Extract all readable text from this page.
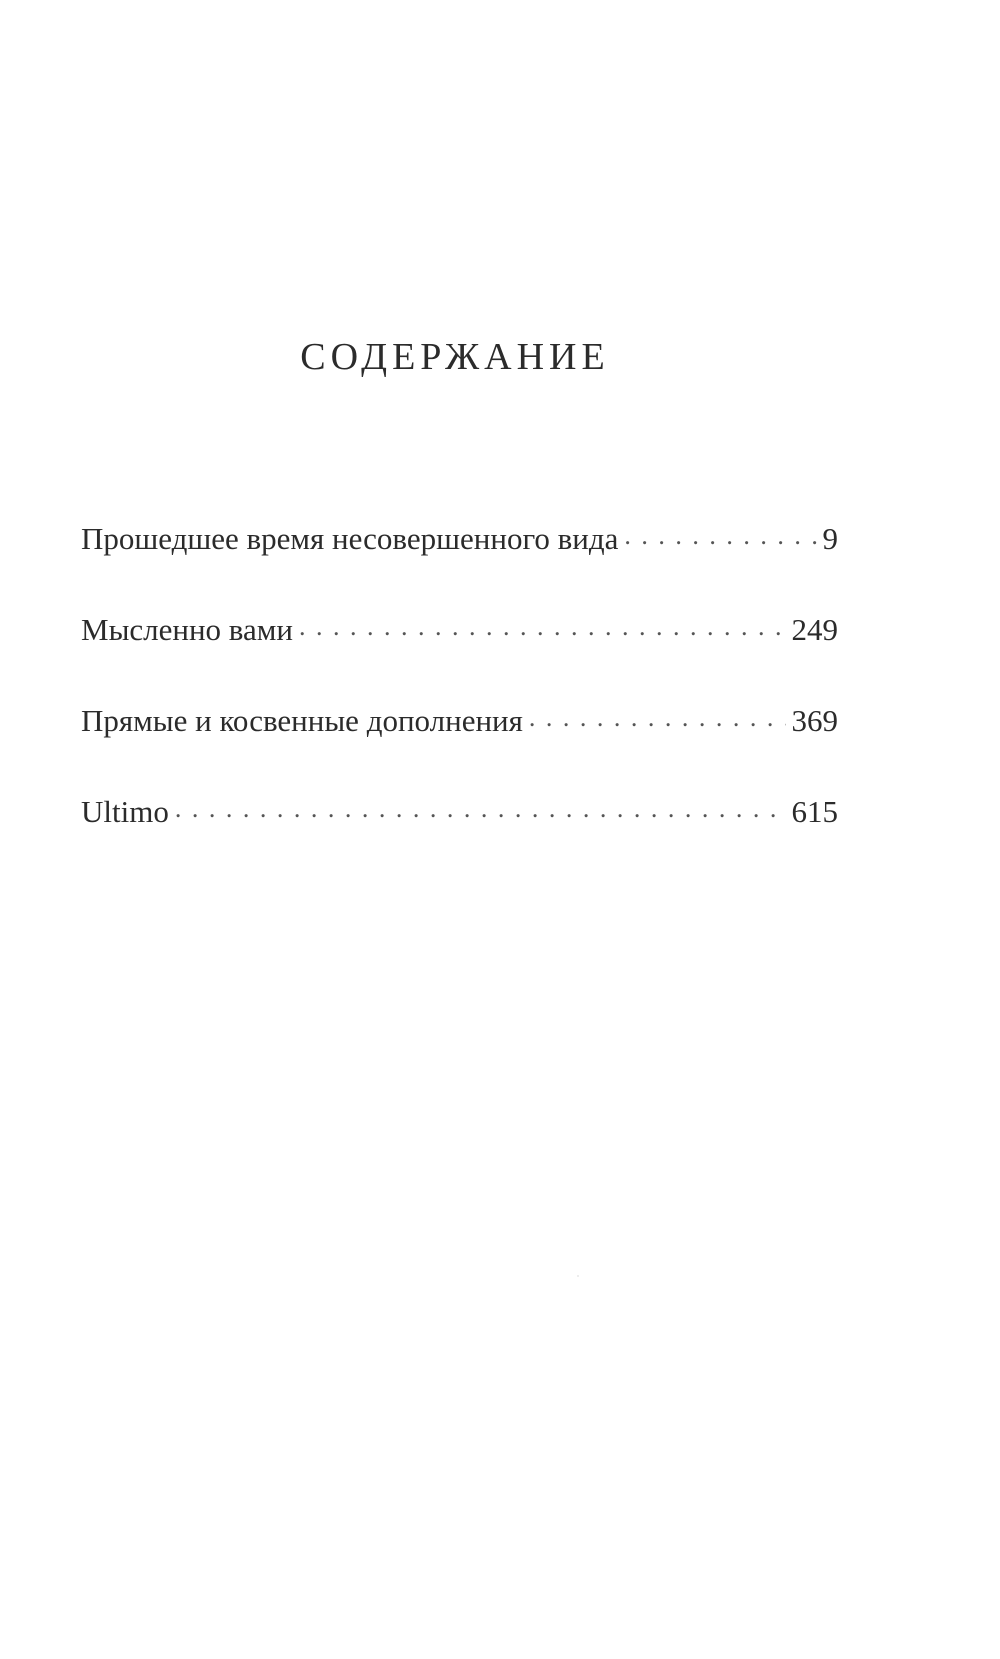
СОДЕРЖАНИЕ
Прошедшее время несовершенного вида . . .	9
Мысленно вами . . .	249
Прямые и косвенные дополнения . . .	369
Ultimo . . .	615
